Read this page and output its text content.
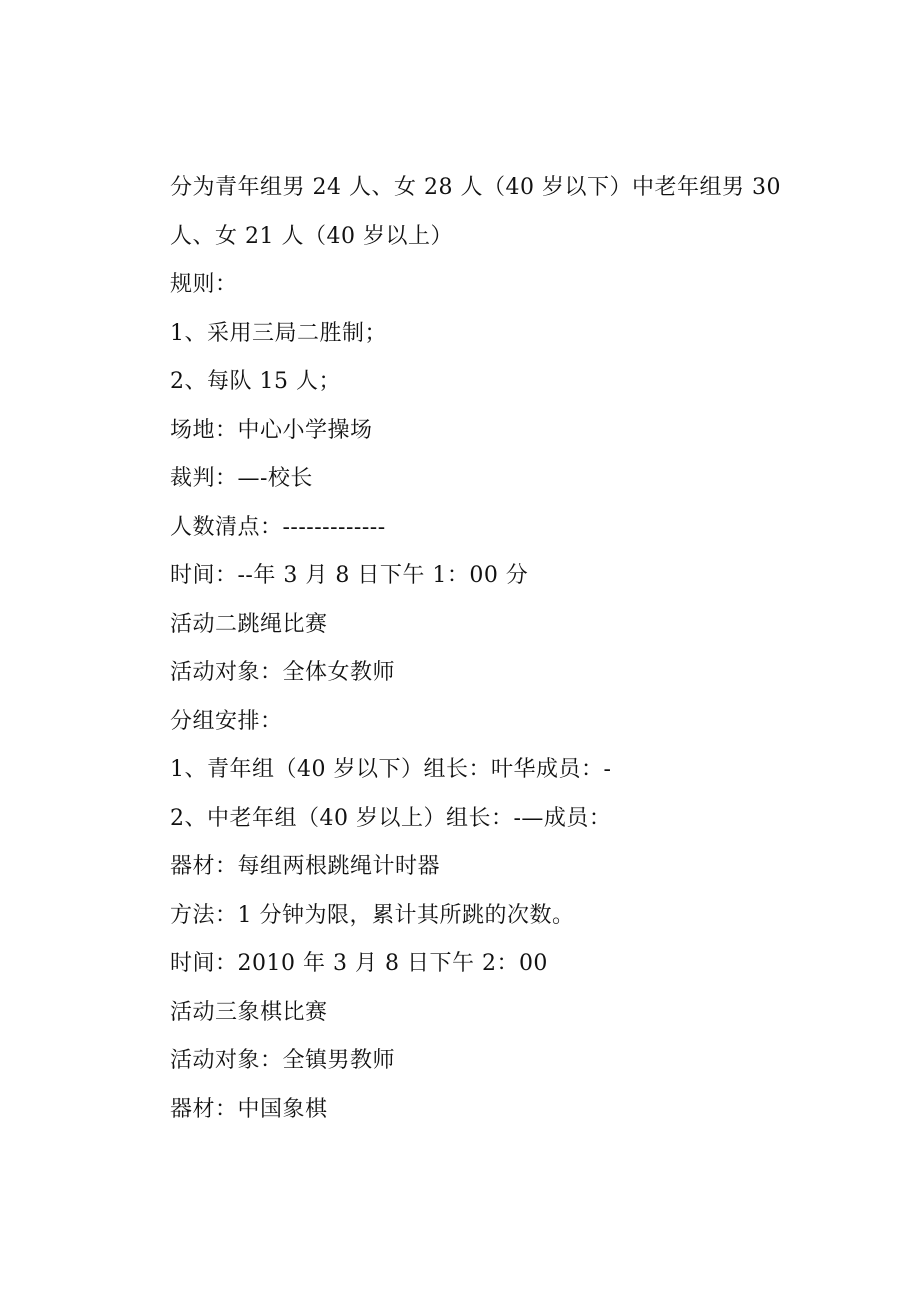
分为青年组男 24 人、女 28 人（40 岁以下）中老年组男 30
人、女 21 人（40 岁以上）
规则：
1、采用三局二胜制；
2、每队 15 人；
场地：中心小学操场
裁判：—-校长
人数清点：-------------
时间：--年 3 月 8 日下午 1：00 分
活动二跳绳比赛
活动对象：全体女教师
分组安排：
1、青年组（40 岁以下）组长：叶华成员：-
2、中老年组（40 岁以上）组长：-—成员：
器材：每组两根跳绳计时器
方法：1 分钟为限，累计其所跳的次数。
时间：2010 年 3 月 8 日下午 2：00
活动三象棋比赛
活动对象：全镇男教师
器材：中国象棋
